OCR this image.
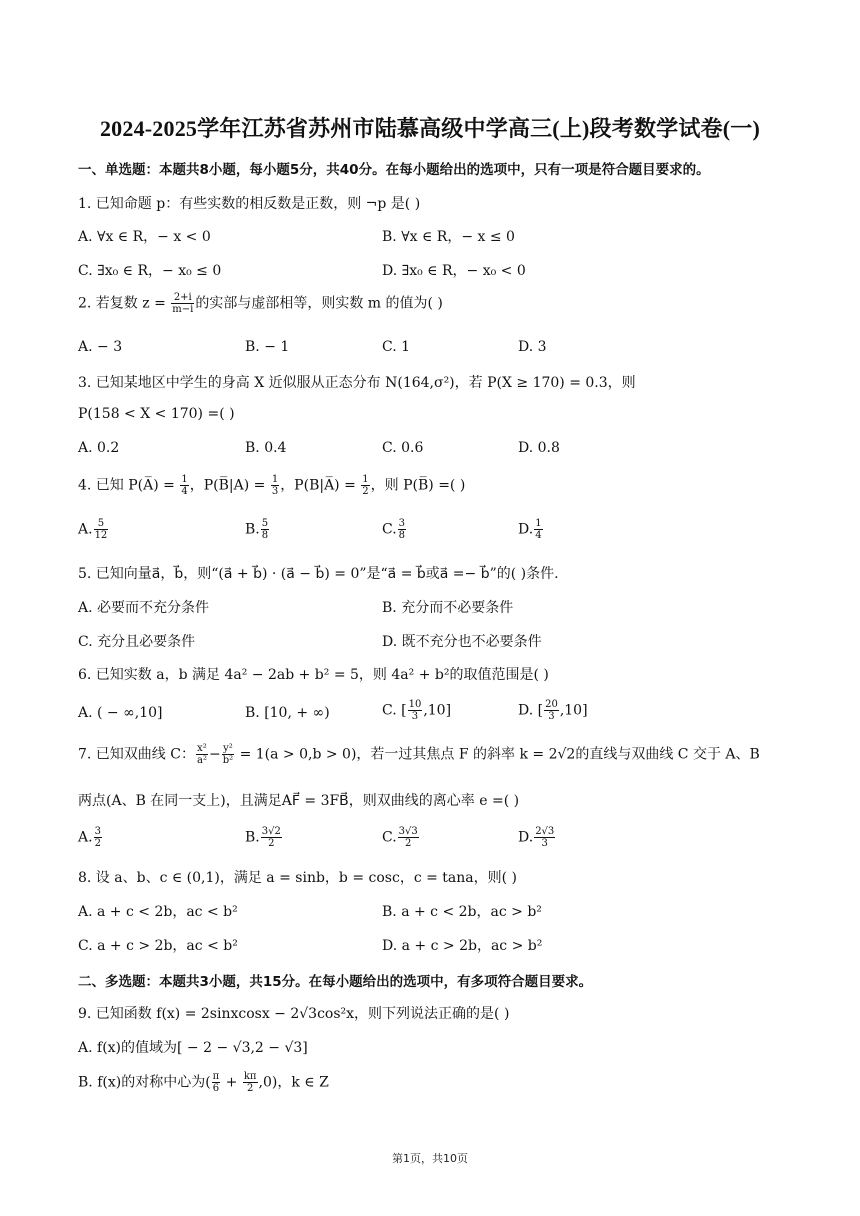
2024-2025学年江苏省苏州市陆慕高级中学高三(上)段考数学试卷(一)
一、单选题：本题共8小题，每小题5分，共40分。在每小题给出的选项中，只有一项是符合题目要求的。
1. 已知命题 p：有些实数的相反数是正数，则 ¬p 是( )
A. ∀x ∈ R，− x < 0	B. ∀x ∈ R，− x ≤ 0
C. ∃x₀ ∈ R，− x₀ ≤ 0	D. ∃x₀ ∈ R，− x₀ < 0
2. 若复数 $z = \frac{2+i}{m-i}$ 的实部与虚部相等，则实数 m 的值为( )
A. − 3	B. − 1	C. 1	D. 3
3. 已知某地区中学生的身高 X 近似服从正态分布 N(164,σ²)，若 P(X ≥ 170) = 0.3，则
P(158 < X < 170) =( )
A. 0.2	B. 0.4	C. 0.6	D. 0.8
4. 已知 P(A̅) = $\frac{1}{4}$ ，P(B̅|A) = $\frac{1}{3}$ ，P(B|A̅) = $\frac{1}{2}$ ，则 P(B̅) =( )
A. $\frac{5}{12}$	B. $\frac{5}{8}$	C. $\frac{3}{8}$	D. $\frac{1}{4}$
5. 已知向量a⃗，b⃗，则“(a⃗ + b⃗) · (a⃗ − b⃗) = 0”是“a⃗ = b⃗或a⃗ =− b⃗”的( )条件.
A. 必要而不充分条件	B. 充分而不必要条件
C. 充分且必要条件	D. 既不充分也不必要条件
6. 已知实数 a，b 满足 4a² − 2ab + b² = 5，则 4a² + b²的取值范围是( )
A. ( − ∞,10]	B. [10, + ∞)	C. [ $\frac{10}{3} ,10$]	D. [ $\frac{20}{3} ,10$]
7. 已知双曲线 C： $\frac{\text{x²}}{\text{a²}} - \frac{\text{y²}}{\text{b²}} = 1(a > 0,b > 0)$，若一过其焦点 F 的斜率 k = 2√2的直线与双曲线 C 交于 A、B
两点(A、B 在同一支上)，且满足AF⃗ = 3FB⃗，则双曲线的离心率 e =( )
A. $\frac{3}{2}$	B. $\frac{3√2}{2}$	C. $\frac{3√3}{2}$	D. $\frac{2√3}{3}$
8. 设 a、b、c ∈ (0,1)，满足 a = sinb，b = cosc，c = tana，则( )
A. a + c < 2b，ac < b²	B. a + c < 2b，ac > b²
C. a + c > 2b，ac < b²	D. a + c > 2b，ac > b²
二、多选题：本题共3小题，共15分。在每小题给出的选项中，有多项符合题目要求。
9. 已知函数 f(x) = 2sinxcosx − 2√3cos²x，则下列说法正确的是( )
A. f(x)的值域为[ − 2 − √3,2 − √3]
B. f(x)的对称中心为( $\frac{\pi}{6} + \frac{k\pi}{2} ,0$)，k ∈ Z
第1页，共10页
